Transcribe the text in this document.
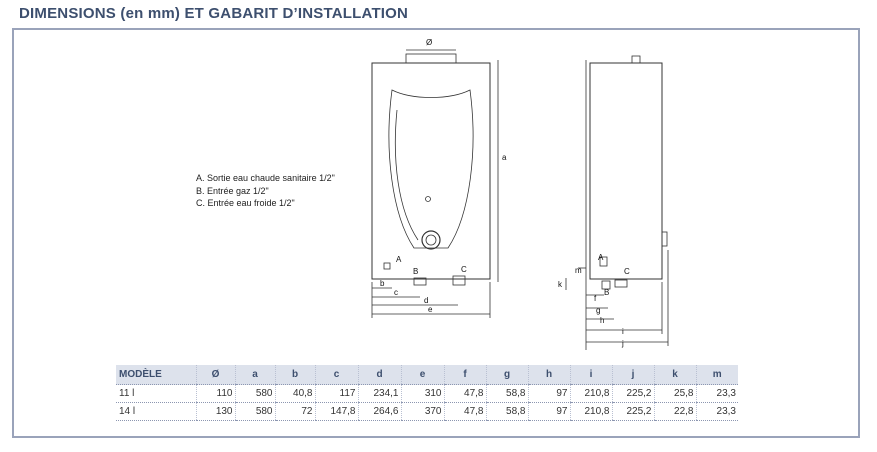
DIMENSIONS (en mm) ET GABARIT D’INSTALLATION
A. Sortie eau chaude sanitaire 1/2"
B. Entrée gaz 1/2"
C. Entrée eau froide 1/2"
Ø
a
b
c
d
e
A
B	C	m
k
f
g
h
i
j
A
B
C
MODÈLE	Ø	a	b	c	d	e	f	g	h	i	j	k	m
11 l	110	580	40,8	117	234,1	310	47,8	58,8	97	210,8	225,2	25,8	23,3
14 l	130	580	72	147,8	264,6	370	47,8	58,8	97	210,8	225,2	22,8	23,3
